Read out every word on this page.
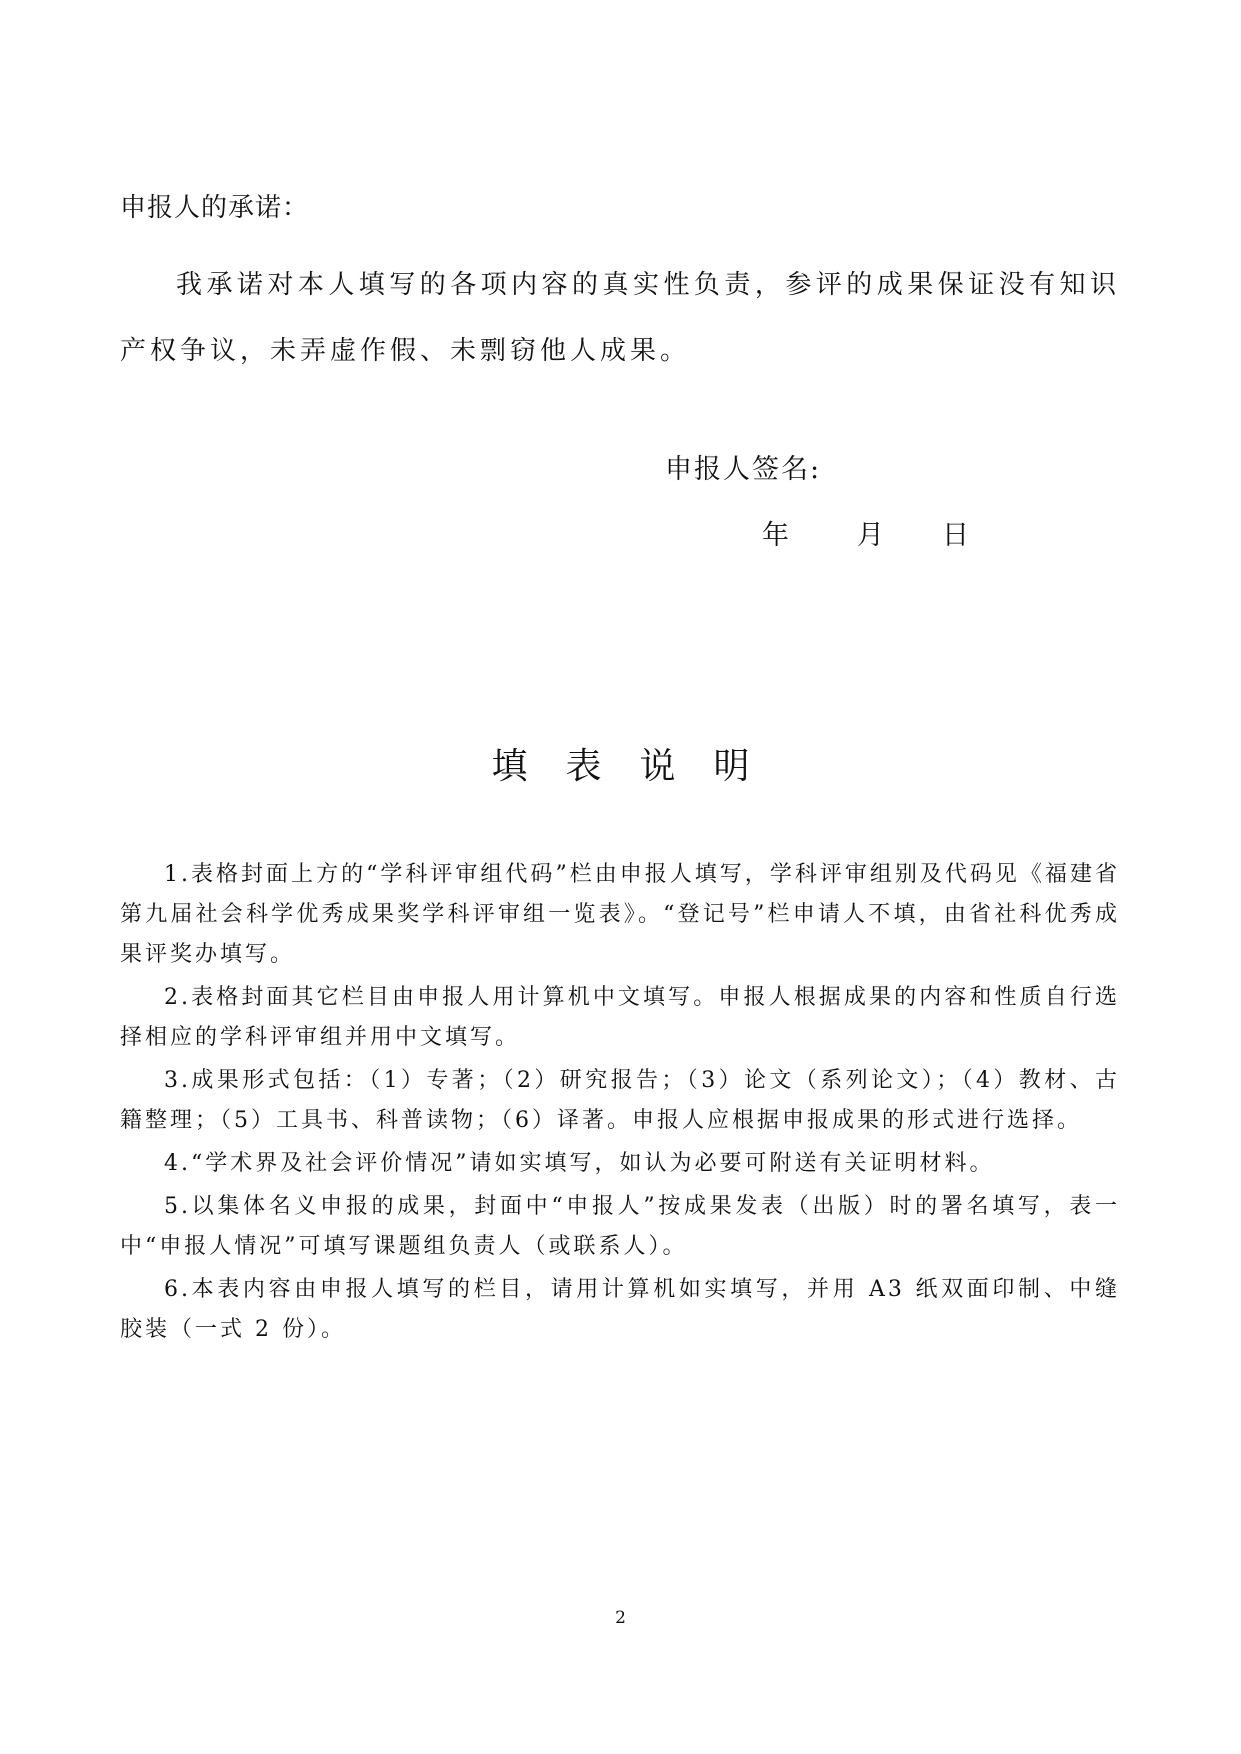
申报人的承诺：

我承诺对本人填写的各项内容的真实性负责，参评的成果保证没有知识产权争议，未弄虚作假、未剽窃他人成果。

申报人签名:
年	月	日
填表说明

1.表格封面上方的“学科评审组代码”栏由申报人填写，学科评审组别及代码见《福建省第九届社会科学优秀成果奖学科评审组一览表》。“登记号”栏申请人不填，由省社科优秀成果评奖办填写。

2.表格封面其它栏目由申报人用计算机中文填写。申报人根据成果的内容和性质自行选择相应的学科评审组并用中文填写。

3.成果形式包括：（1）专著；（2）研究报告；（3）论文（系列论文）；（4）教材、古籍整理；（5）工具书、科普读物；（6）译著。申报人应根据申报成果的形式进行选择。

4.“学术界及社会评价情况”请如实填写，如认为必要可附送有关证明材料。

5.以集体名义申报的成果，封面中“申报人”按成果发表（出版）时的署名填写，表一中“申报人情况”可填写课题组负责人（或联系人）。

6.本表内容由申报人填写的栏目，请用计算机如实填写，并用 A3 纸双面印制、中缝胶装（一式 2 份）。

2
